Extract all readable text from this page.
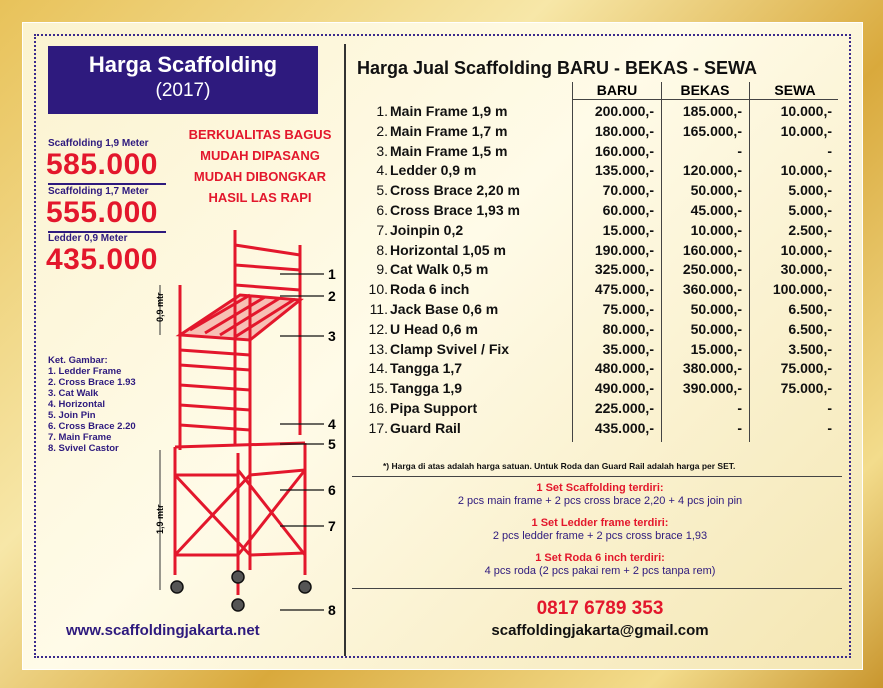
Harga Scaffolding
(2017)
Scaffolding 1,9 Meter
585.000
Scaffolding 1,7 Meter
555.000
Ledder 0,9 Meter
435.000
BERKUALITAS BAGUS
MUDAH DIPASANG
MUDAH DIBONGKAR
HASIL LAS RAPI
Ket. Gambar:
1. Ledder Frame
2. Cross Brace 1.93
3. Cat Walk
4. Horizontal
5. Join Pin
6. Cross Brace 2.20
7. Main Frame
8. Svivel Castor
0,9 mtr
1,9 mtr
1
2
3
4
5
6
7
8
www.scaffoldingjakarta.net
Harga Jual Scaffolding BARU - BEKAS - SEWA
BARU	BEKAS	SEWA
1. Main Frame 1,9 m	200.000,-	185.000,-	10.000,-
2. Main Frame 1,7 m	180.000,-	165.000,-	10.000,-
3. Main Frame 1,5 m	160.000,-	-	-
4. Ledder 0,9 m	135.000,-	120.000,-	10.000,-
5. Cross Brace 2,20 m	70.000,-	50.000,-	5.000,-
6. Cross Brace 1,93 m	60.000,-	45.000,-	5.000,-
7. Joinpin 0,2	15.000,-	10.000,-	2.500,-
8. Horizontal 1,05 m	190.000,-	160.000,-	10.000,-
9. Cat Walk 0,5 m	325.000,-	250.000,-	30.000,-
10. Roda 6 inch	475.000,-	360.000,-	100.000,-
11. Jack Base 0,6 m	75.000,-	50.000,-	6.500,-
12. U Head 0,6 m	80.000,-	50.000,-	6.500,-
13. Clamp Svivel / Fix	35.000,-	15.000,-	3.500,-
14. Tangga 1,7	480.000,-	380.000,-	75.000,-
15. Tangga 1,9	490.000,-	390.000,-	75.000,-
16. Pipa Support	225.000,-	-	-
17. Guard Rail	435.000,-	-	-
*) Harga di atas adalah harga satuan. Untuk Roda dan Guard Rail adalah harga per SET.
1 Set Scaffolding terdiri:
2 pcs main frame + 2 pcs cross brace 2,20 + 4 pcs join pin
1 Set Ledder frame terdiri:
2 pcs ledder frame + 2 pcs cross brace 1,93
1 Set Roda 6 inch terdiri:
4 pcs roda (2 pcs pakai rem + 2 pcs tanpa rem)
0817 6789 353
scaffoldingjakarta@gmail.com
